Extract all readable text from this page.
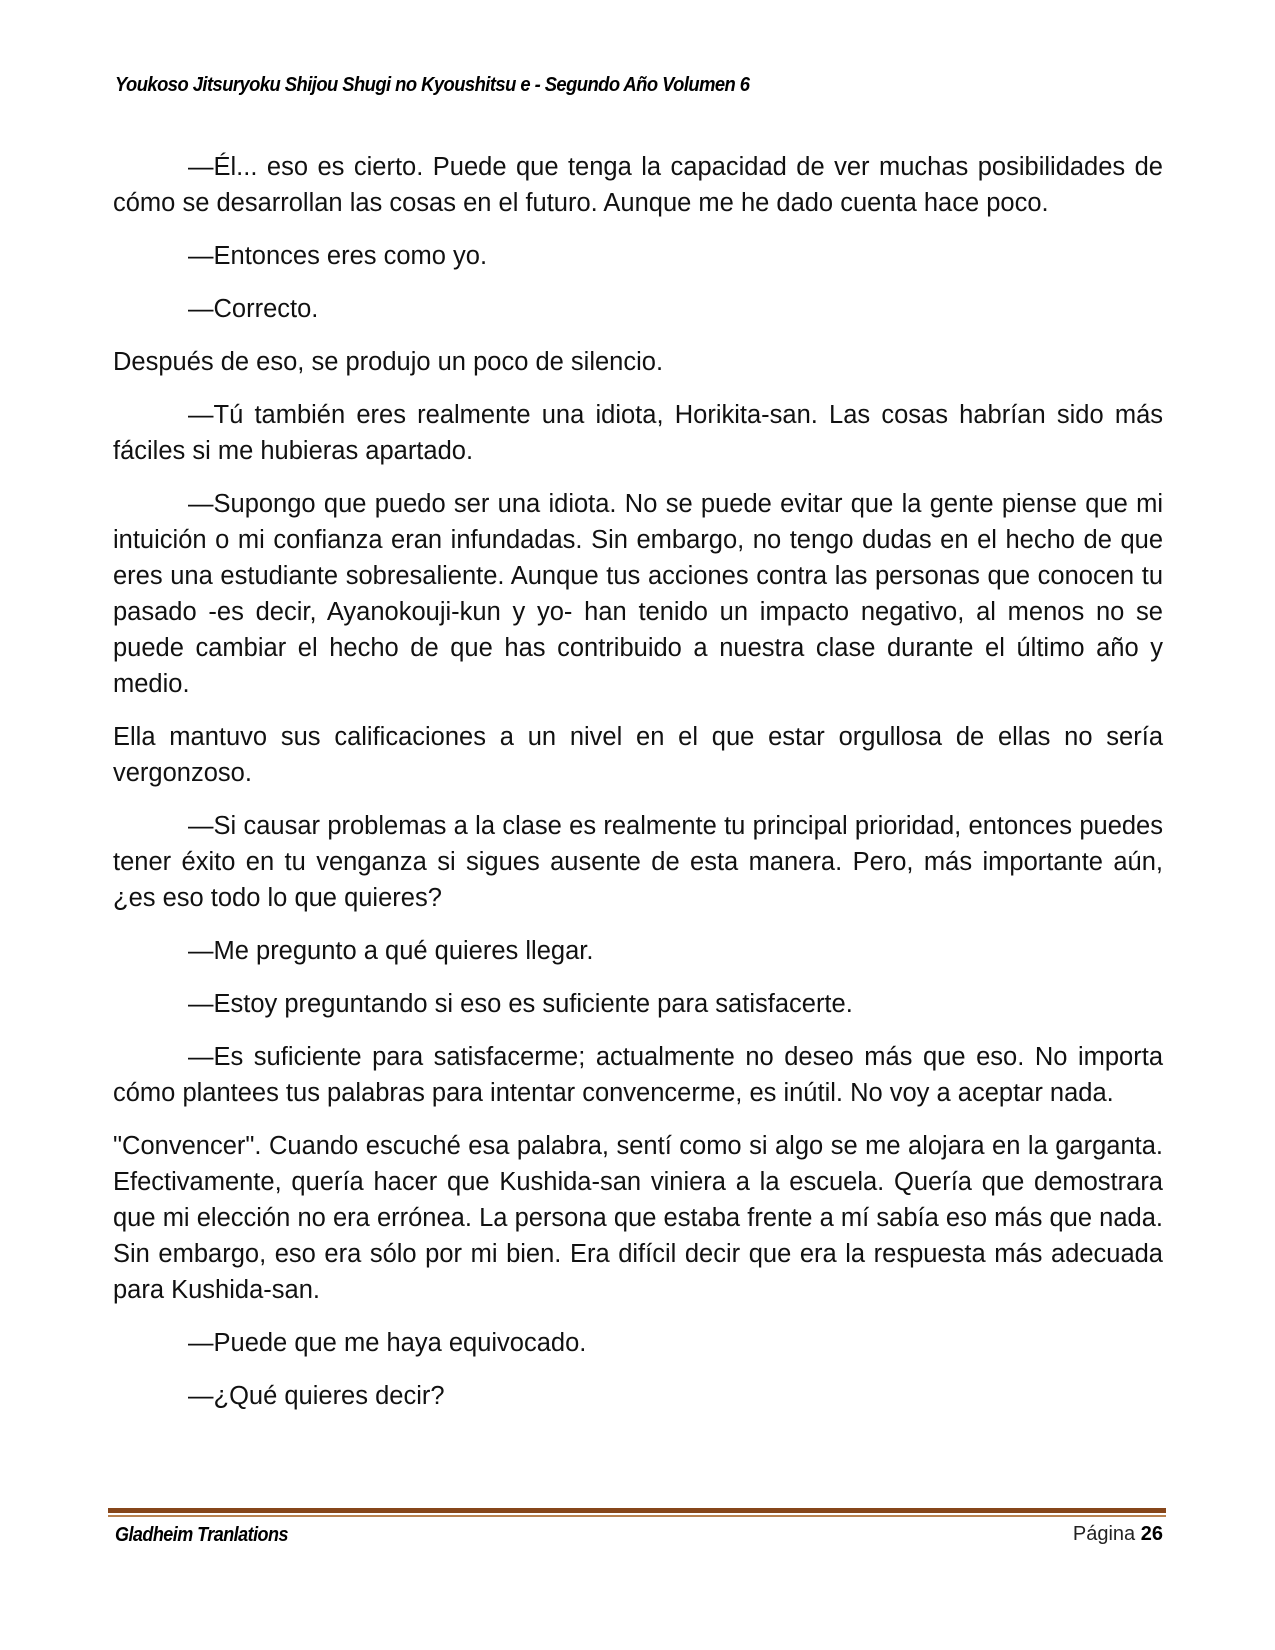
Youkoso Jitsuryoku Shijou Shugi no Kyoushitsu e - Segundo Año Volumen 6

—Él... eso es cierto. Puede que tenga la capacidad de ver muchas posibilidades de cómo se desarrollan las cosas en el futuro. Aunque me he dado cuenta hace poco.

—Entonces eres como yo.

—Correcto.

Después de eso, se produjo un poco de silencio.

—Tú también eres realmente una idiota, Horikita-san. Las cosas habrían sido más fáciles si me hubieras apartado.

—Supongo que puedo ser una idiota. No se puede evitar que la gente piense que mi intuición o mi confianza eran infundadas. Sin embargo, no tengo dudas en el hecho de que eres una estudiante sobresaliente. Aunque tus acciones contra las personas que conocen tu pasado -es decir, Ayanokouji-kun y yo- han tenido un impacto negativo, al menos no se puede cambiar el hecho de que has contribuido a nuestra clase durante el último año y medio.

Ella mantuvo sus calificaciones a un nivel en el que estar orgullosa de ellas no sería vergonzoso.

—Si causar problemas a la clase es realmente tu principal prioridad, entonces puedes tener éxito en tu venganza si sigues ausente de esta manera. Pero, más importante aún, ¿es eso todo lo que quieres?

—Me pregunto a qué quieres llegar.

—Estoy preguntando si eso es suficiente para satisfacerte.

—Es suficiente para satisfacerme; actualmente no deseo más que eso. No importa cómo plantees tus palabras para intentar convencerme, es inútil. No voy a aceptar nada.

"Convencer". Cuando escuché esa palabra, sentí como si algo se me alojara en la garganta. Efectivamente, quería hacer que Kushida-san viniera a la escuela. Quería que demostrara que mi elección no era errónea. La persona que estaba frente a mí sabía eso más que nada. Sin embargo, eso era sólo por mi bien. Era difícil decir que era la respuesta más adecuada para Kushida-san.

—Puede que me haya equivocado.

—¿Qué quieres decir?

Gladheim Tranlations	Página 26
